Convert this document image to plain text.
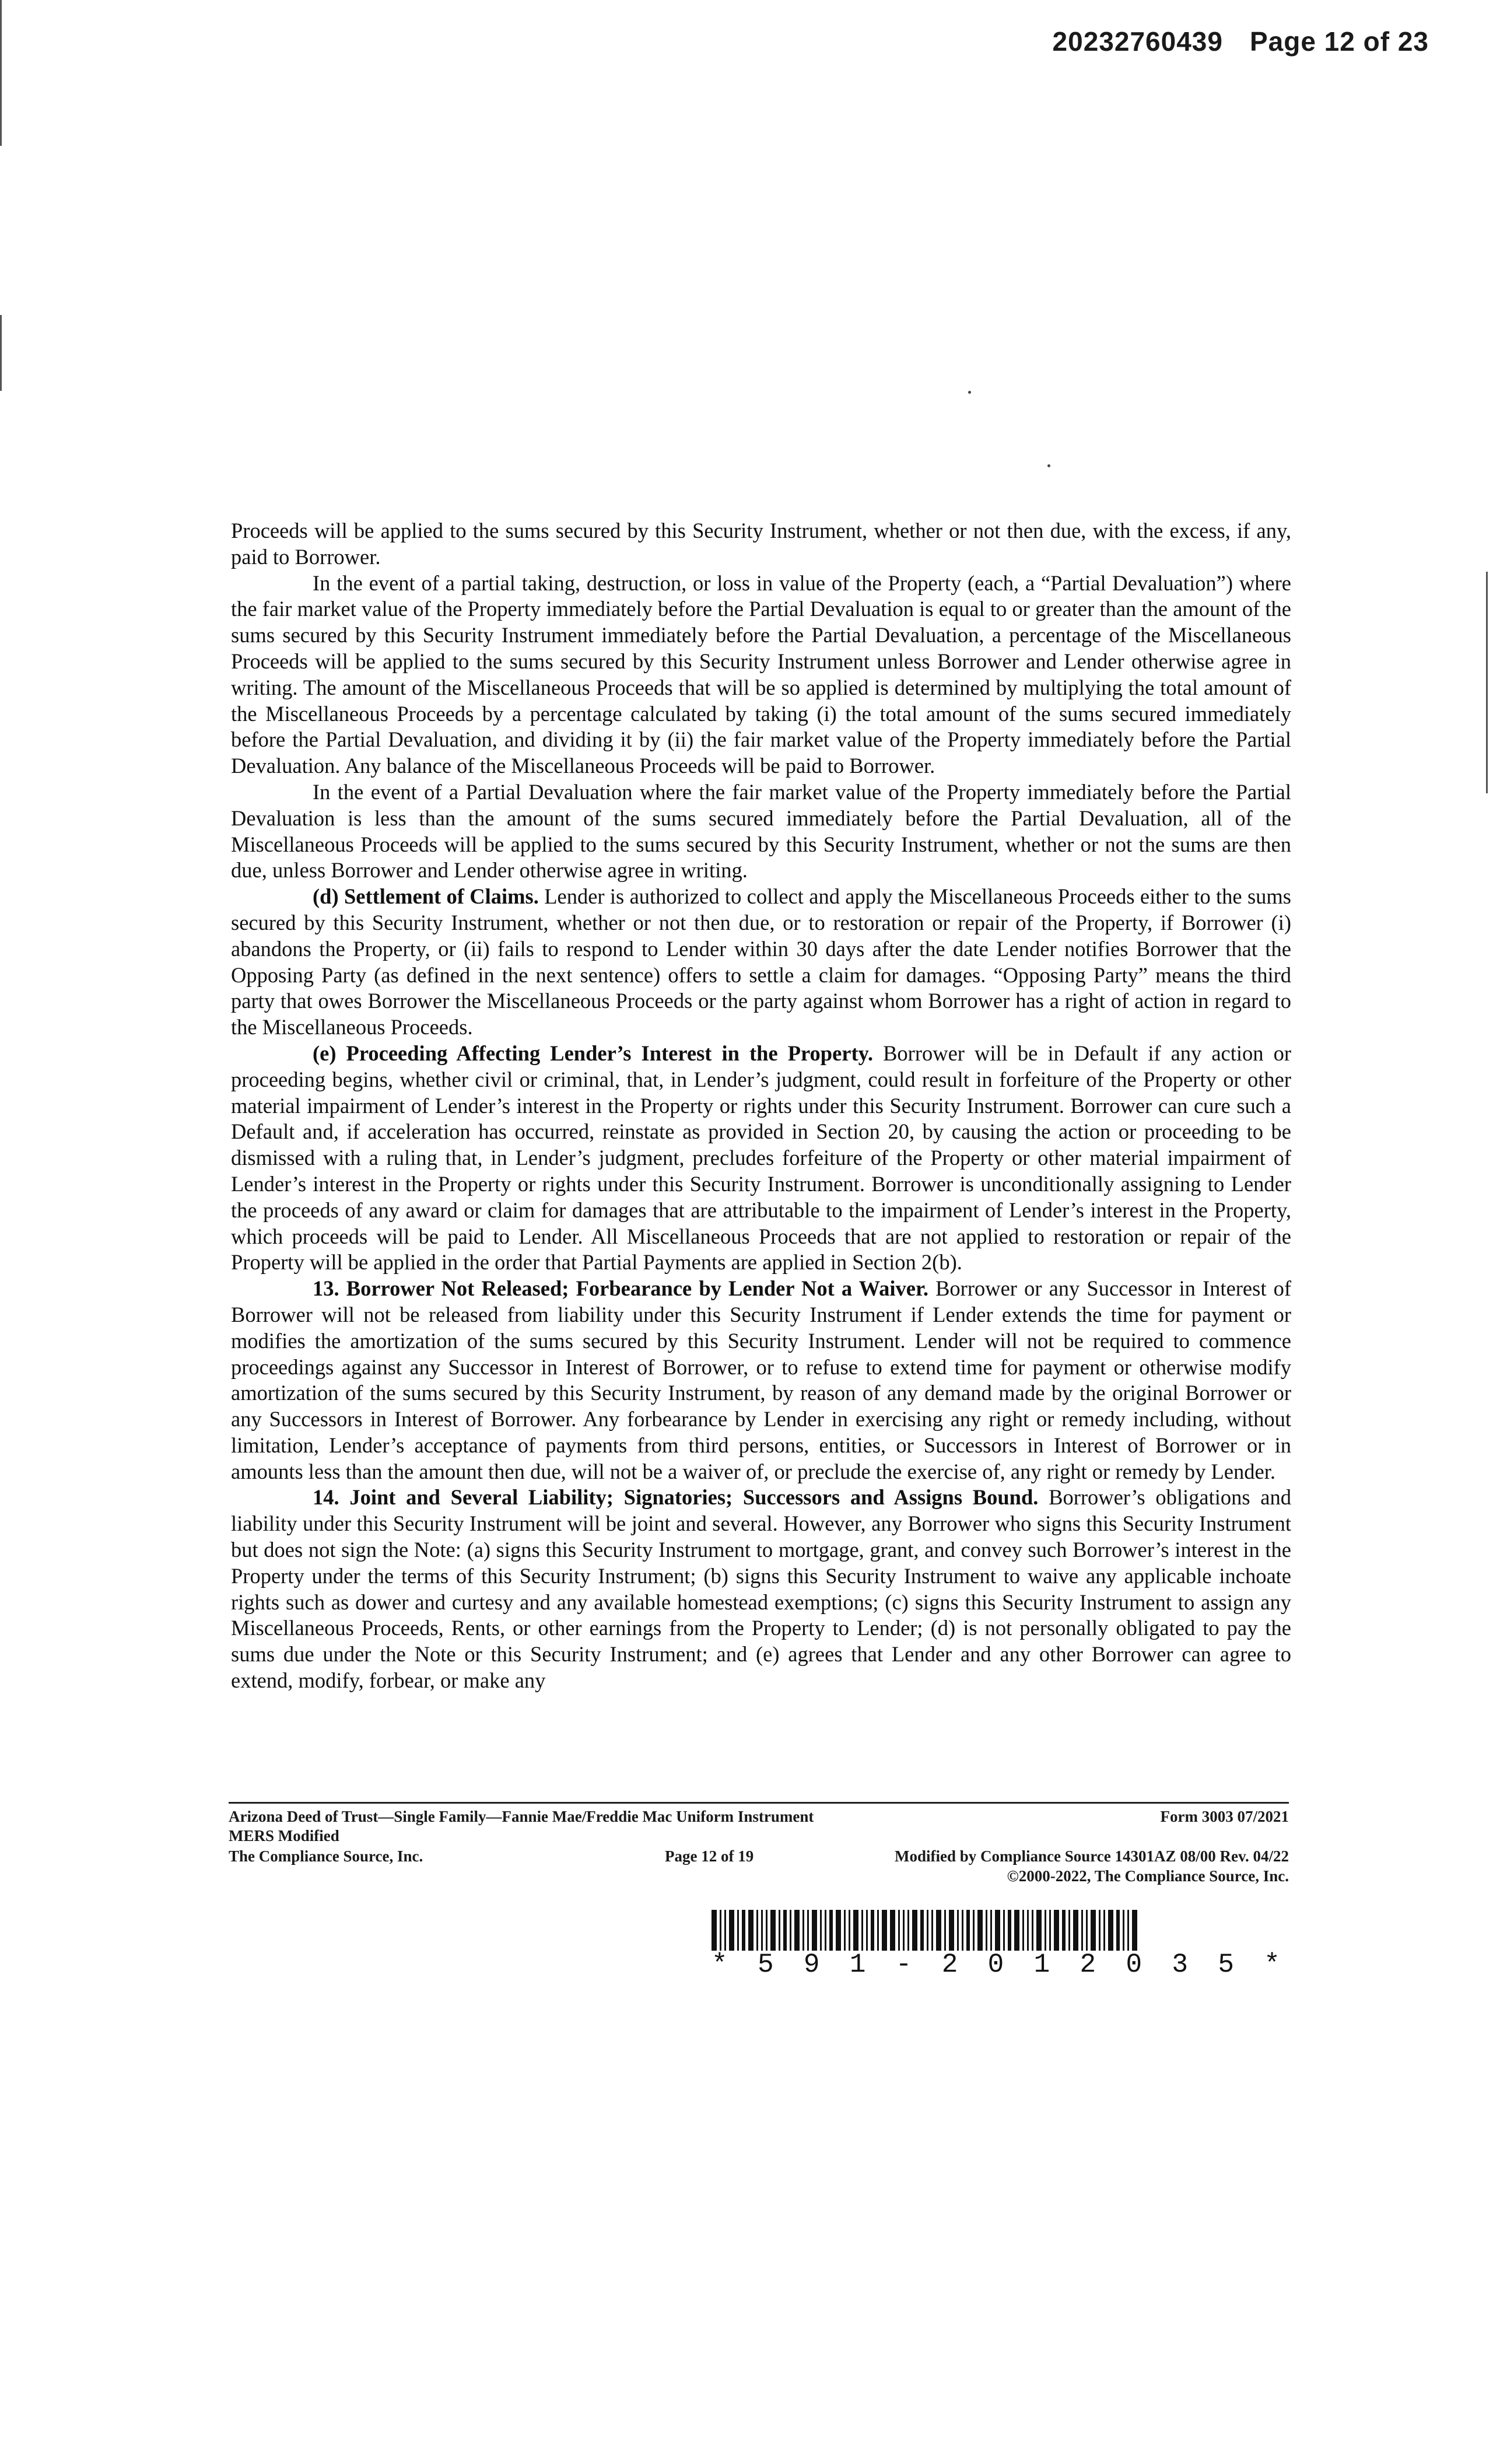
20232760439 Page 12 of 23

Proceeds will be applied to the sums secured by this Security Instrument, whether or not then due, with the excess, if any, paid to Borrower.

In the event of a partial taking, destruction, or loss in value of the Property (each, a “Partial Devaluation”) where the fair market value of the Property immediately before the Partial Devaluation is equal to or greater than the amount of the sums secured by this Security Instrument immediately before the Partial Devaluation, a percentage of the Miscellaneous Proceeds will be applied to the sums secured by this Security Instrument unless Borrower and Lender otherwise agree in writing. The amount of the Miscellaneous Proceeds that will be so applied is determined by multiplying the total amount of the Miscellaneous Proceeds by a percentage calculated by taking (i) the total amount of the sums secured immediately before the Partial Devaluation, and dividing it by (ii) the fair market value of the Property immediately before the Partial Devaluation. Any balance of the Miscellaneous Proceeds will be paid to Borrower.

In the event of a Partial Devaluation where the fair market value of the Property immediately before the Partial Devaluation is less than the amount of the sums secured immediately before the Partial Devaluation, all of the Miscellaneous Proceeds will be applied to the sums secured by this Security Instrument, whether or not the sums are then due, unless Borrower and Lender otherwise agree in writing.

(d) Settlement of Claims. Lender is authorized to collect and apply the Miscellaneous Proceeds either to the sums secured by this Security Instrument, whether or not then due, or to restoration or repair of the Property, if Borrower (i) abandons the Property, or (ii) fails to respond to Lender within 30 days after the date Lender notifies Borrower that the Opposing Party (as defined in the next sentence) offers to settle a claim for damages. “Opposing Party” means the third party that owes Borrower the Miscellaneous Proceeds or the party against whom Borrower has a right of action in regard to the Miscellaneous Proceeds.

(e) Proceeding Affecting Lender’s Interest in the Property. Borrower will be in Default if any action or proceeding begins, whether civil or criminal, that, in Lender’s judgment, could result in forfeiture of the Property or other material impairment of Lender’s interest in the Property or rights under this Security Instrument. Borrower can cure such a Default and, if acceleration has occurred, reinstate as provided in Section 20, by causing the action or proceeding to be dismissed with a ruling that, in Lender’s judgment, precludes forfeiture of the Property or other material impairment of Lender’s interest in the Property or rights under this Security Instrument. Borrower is unconditionally assigning to Lender the proceeds of any award or claim for damages that are attributable to the impairment of Lender’s interest in the Property, which proceeds will be paid to Lender. All Miscellaneous Proceeds that are not applied to restoration or repair of the Property will be applied in the order that Partial Payments are applied in Section 2(b).

13. Borrower Not Released; Forbearance by Lender Not a Waiver. Borrower or any Successor in Interest of Borrower will not be released from liability under this Security Instrument if Lender extends the time for payment or modifies the amortization of the sums secured by this Security Instrument. Lender will not be required to commence proceedings against any Successor in Interest of Borrower, or to refuse to extend time for payment or otherwise modify amortization of the sums secured by this Security Instrument, by reason of any demand made by the original Borrower or any Successors in Interest of Borrower. Any forbearance by Lender in exercising any right or remedy including, without limitation, Lender’s acceptance of payments from third persons, entities, or Successors in Interest of Borrower or in amounts less than the amount then due, will not be a waiver of, or preclude the exercise of, any right or remedy by Lender.

14. Joint and Several Liability; Signatories; Successors and Assigns Bound. Borrower’s obligations and liability under this Security Instrument will be joint and several. However, any Borrower who signs this Security Instrument but does not sign the Note: (a) signs this Security Instrument to mortgage, grant, and convey such Borrower’s interest in the Property under the terms of this Security Instrument; (b) signs this Security Instrument to waive any applicable inchoate rights such as dower and curtesy and any available homestead exemptions; (c) signs this Security Instrument to assign any Miscellaneous Proceeds, Rents, or other earnings from the Property to Lender; (d) is not personally obligated to pay the sums due under the Note or this Security Instrument; and (e) agrees that Lender and any other Borrower can agree to extend, modify, forbear, or make any

Arizona Deed of Trust—Single Family—Fannie Mae/Freddie Mac Uniform Instrument	Form 3003 07/2021
MERS Modified
The Compliance Source, Inc.	Page 12 of 19	Modified by Compliance Source 14301AZ 08/00 Rev. 04/22
©2000-2022, The Compliance Source, Inc.
* 5 9 1 - 2 0 1 2 0 3 5 *
